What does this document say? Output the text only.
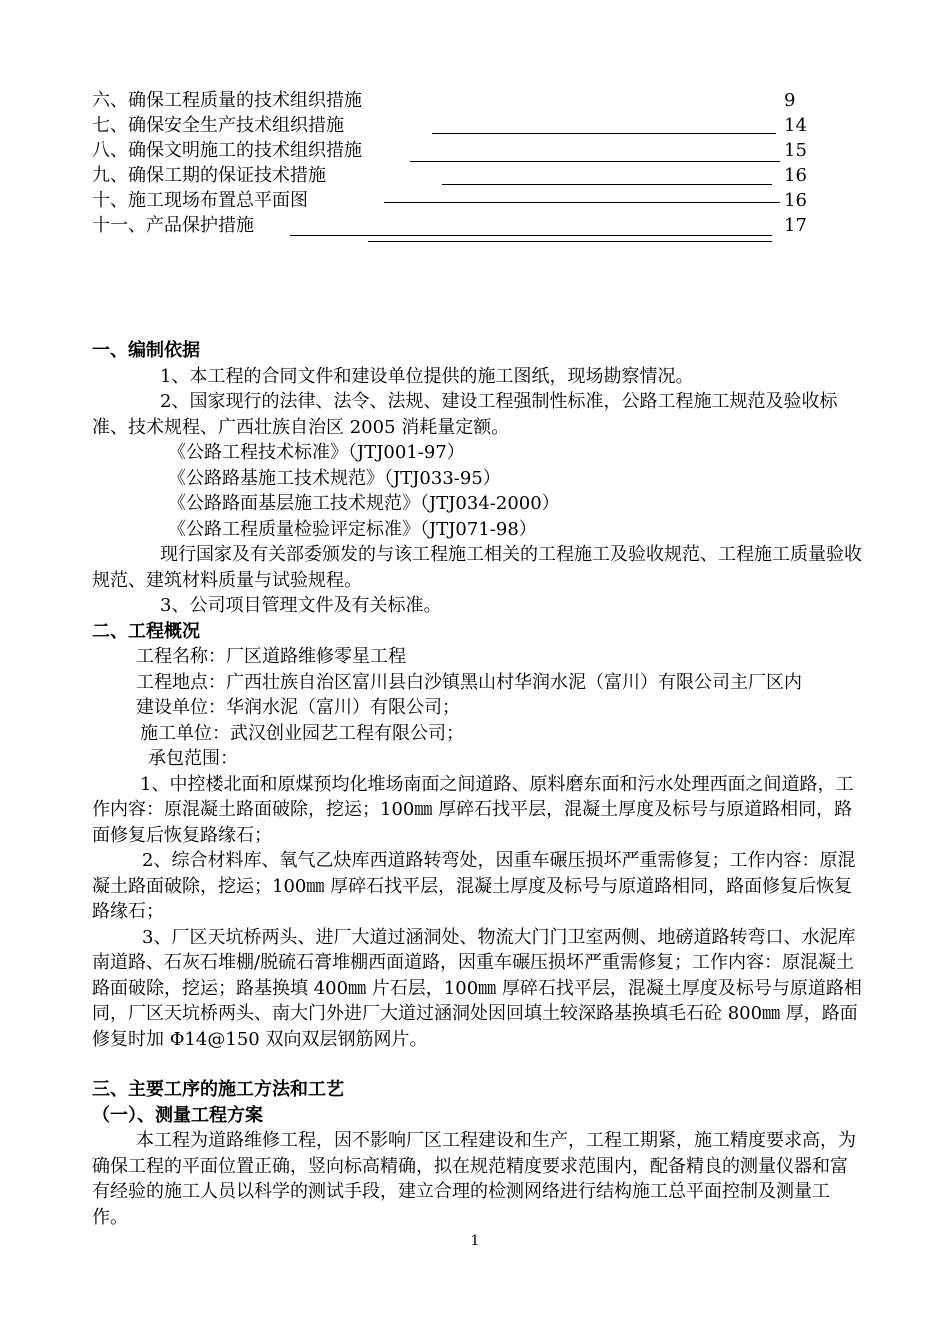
六、确保工程质量的技术组织措施	9
七、确保安全生产技术组织措施	14
八、确保文明施工的技术组织措施	15
九、确保工期的保证技术措施	16
十、施工现场布置总平面图	16
十一、产品保护措施	17

一、编制依据

1、本工程的合同文件和建设单位提供的施工图纸，现场勘察情况。

2、国家现行的法律、法令、法规、建设工程强制性标准，公路工程施工规范及验收标准、技术规程、广西壮族自治区 2005 消耗量定额。

《公路工程技术标准》（JTJ001-97）

《公路路基施工技术规范》（JTJ033-95）

《公路路面基层施工技术规范》（JTJ034-2000）

《公路工程质量检验评定标准》（JTJ071-98）

现行国家及有关部委颁发的与该工程施工相关的工程施工及验收规范、工程施工质量验收规范、建筑材料质量与试验规程。

3、公司项目管理文件及有关标准。

二、工程概况

工程名称：厂区道路维修零星工程

工程地点：广西壮族自治区富川县白沙镇黑山村华润水泥（富川）有限公司主厂区内

建设单位：华润水泥（富川）有限公司；

施工单位：武汉创业园艺工程有限公司；

承包范围：

1、中控楼北面和原煤预均化堆场南面之间道路、原料磨东面和污水处理西面之间道路，工作内容：原混凝土路面破除，挖运；100㎜ 厚碎石找平层，混凝土厚度及标号与原道路相同，路面修复后恢复路缘石；

2、综合材料库、氧气乙炔库西道路转弯处，因重车碾压损坏严重需修复；工作内容：原混凝土路面破除，挖运；100㎜ 厚碎石找平层，混凝土厚度及标号与原道路相同，路面修复后恢复路缘石；

3、厂区天坑桥两头、进厂大道过涵洞处、物流大门门卫室两侧、地磅道路转弯口、水泥库南道路、石灰石堆棚/脱硫石膏堆棚西面道路，因重车碾压损坏严重需修复；工作内容：原混凝土路面破除，挖运；路基换填 400㎜ 片石层，100㎜ 厚碎石找平层，混凝土厚度及标号与原道路相同，厂区天坑桥两头、南大门外进厂大道过涵洞处因回填土较深路基换填毛石砼 800㎜ 厚，路面修复时加 Φ14@150 双向双层钢筋网片。

三、主要工序的施工方法和工艺

（一）、测量工程方案

本工程为道路维修工程，因不影响厂区工程建设和生产，工程工期紧，施工精度要求高，为确保工程的平面位置正确，竖向标高精确，拟在规范精度要求范围内，配备精良的测量仪器和富有经验的施工人员以科学的测试手段，建立合理的检测网络进行结构施工总平面控制及测量工作。

1
